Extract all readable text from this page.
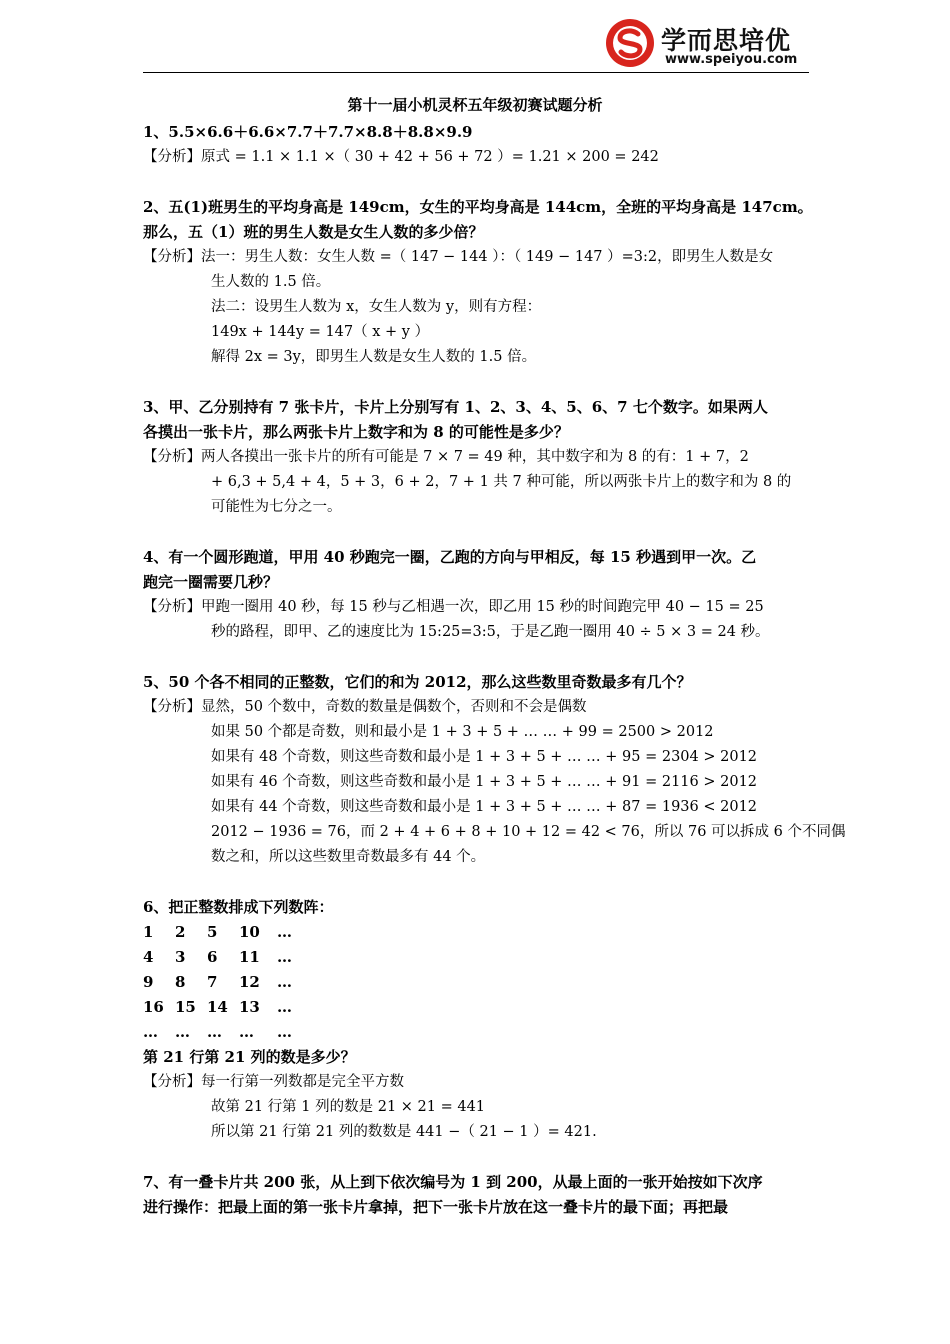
学而思培优
www.speiyou.com
第十一届小机灵杯五年级初赛试题分析
1、5.5×6.6＋6.6×7.7＋7.7×8.8＋8.8×9.9
【分析】原式 = 1.1 × 1.1 ×（ 30 + 42 + 56 + 72 ）= 1.21 × 200 = 242
2、五(1)班男生的平均身高是 149cm，女生的平均身高是 144cm，全班的平均身高是 147cm。
那么，五（1）班的男生人数是女生人数的多少倍？
【分析】法一：男生人数：女生人数 =（ 147 − 144 ）：（ 149 − 147 ）=3:2，即男生人数是女
生人数的 1.5 倍。
法二：设男生人数为 x，女生人数为 y，则有方程：
149x + 144y = 147（ x + y ）
解得 2x = 3y，即男生人数是女生人数的 1.5 倍。
3、甲、乙分别持有 7 张卡片，卡片上分别写有 1、2、3、4、5、6、7 七个数字。如果两人
各摸出一张卡片，那么两张卡片上数字和为 8 的可能性是多少？
【分析】两人各摸出一张卡片的所有可能是 7 × 7 = 49 种，其中数字和为 8 的有：1 + 7，2
+ 6,3 + 5,4 + 4，5 + 3，6 + 2，7 + 1 共 7 种可能，所以两张卡片上的数字和为 8 的
可能性为七分之一。
4、有一个圆形跑道，甲用 40 秒跑完一圈，乙跑的方向与甲相反，每 15 秒遇到甲一次。乙
跑完一圈需要几秒？
【分析】甲跑一圈用 40 秒，每 15 秒与乙相遇一次，即乙用 15 秒的时间跑完甲 40 − 15 = 25
秒的路程，即甲、乙的速度比为 15:25=3:5，于是乙跑一圈用 40 ÷ 5 × 3 = 24 秒。
5、50 个各不相同的正整数，它们的和为 2012，那么这些数里奇数最多有几个？
【分析】显然，50 个数中，奇数的数量是偶数个，否则和不会是偶数
如果 50 个都是奇数，则和最小是 1 + 3 + 5 + … … + 99 = 2500 > 2012
如果有 48 个奇数，则这些奇数和最小是 1 + 3 + 5 + … … + 95 = 2304 > 2012
如果有 46 个奇数，则这些奇数和最小是 1 + 3 + 5 + … … + 91 = 2116 > 2012
如果有 44 个奇数，则这些奇数和最小是 1 + 3 + 5 + … … + 87 = 1936 < 2012
2012 − 1936 = 76，而 2 + 4 + 6 + 8 + 10 + 12 = 42 < 76，所以 76 可以拆成 6 个不同偶
数之和，所以这些数里奇数最多有 44 个。
6、把正整数排成下列数阵：
1	2	5	10	…
4	3	6	11	…
9	8	7	12	…
16 15 14 13	…
…	…	…	…	…
第 21 行第 21 列的数是多少？
【分析】每一行第一列数都是完全平方数
故第 21 行第 1 列的数是 21 × 21 = 441
所以第 21 行第 21 列的数数是 441 −（ 21 − 1 ）= 421.
7、有一叠卡片共 200 张，从上到下依次编号为 1 到 200，从最上面的一张开始按如下次序
进行操作：把最上面的第一张卡片拿掉，把下一张卡片放在这一叠卡片的最下面；再把最
